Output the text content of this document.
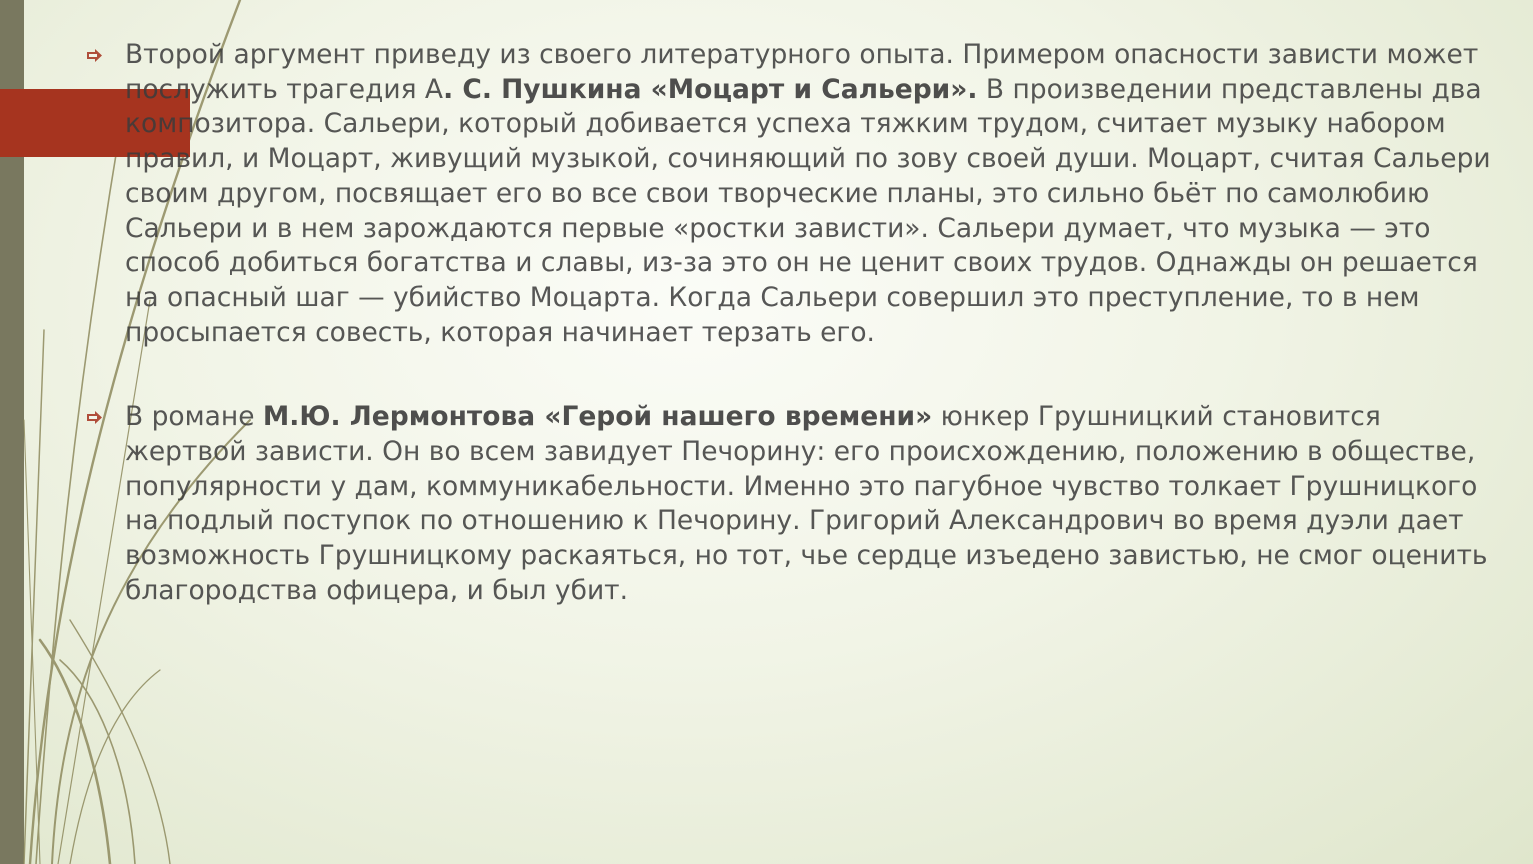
Второй аргумент приведу из своего литературного опыта. Примером опасности зависти может послужить трагедия А. С. Пушкина «Моцарт и Сальери». В произведении представлены два композитора. Сальери, который добивается успеха тяжким трудом, считает музыку набором правил, и Моцарт, живущий музыкой, сочиняющий по зову своей души. Моцарт, считая Сальери своим другом, посвящает его во все свои творческие планы, это сильно бьёт по самолюбию Сальери и в нем зарождаются первые «ростки зависти». Сальери думает, что музыка — это способ добиться богатства и славы, из-за это он не ценит своих трудов. Однажды он решается на опасный шаг — убийство Моцарта. Когда Сальери совершил это преступление, то в нем просыпается совесть, которая начинает терзать его.
В романе М.Ю. Лермонтова «Герой нашего времени» юнкер Грушницкий становится жертвой зависти. Он во всем завидует Печорину: его происхождению, положению в обществе, популярности у дам, коммуникабельности. Именно это пагубное чувство толкает Грушницкого на подлый поступок по отношению к Печорину. Григорий Александрович во время дуэли дает возможность Грушницкому раскаяться, но тот, чье сердце изъедено завистью, не смог оценить благородства офицера, и был убит.
